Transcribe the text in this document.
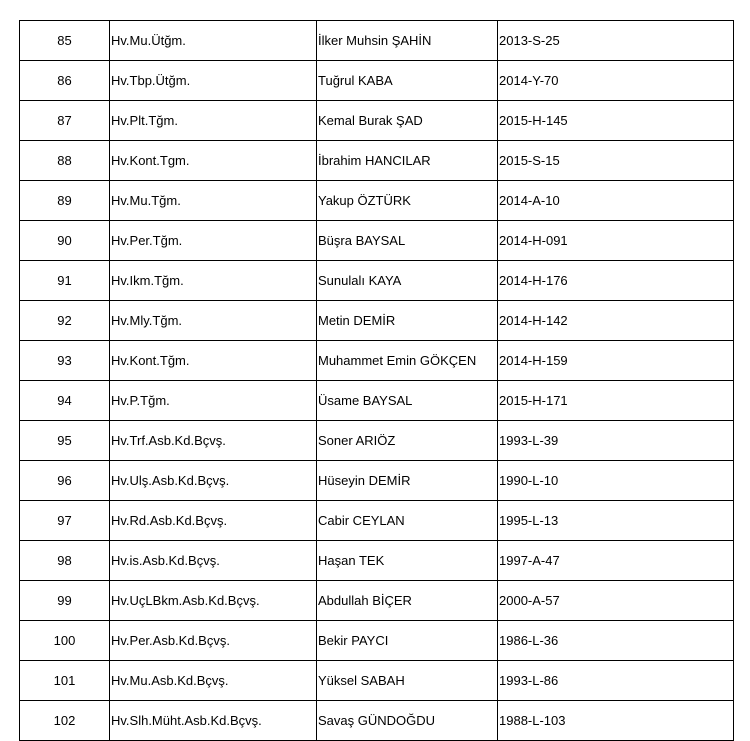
85	Hv.Mu.Ütğm.	İlker Muhsin ŞAHİN	2013-S-25
86	Hv.Tbp.Ütğm.	Tuğrul KABA	2014-Y-70
87	Hv.Plt.Tğm.	Kemal Burak ŞAD	2015-H-145
88	Hv.Kont.Tgm.	İbrahim HANCILAR	2015-S-15
89	Hv.Mu.Tğm.	Yakup ÖZTÜRK	2014-A-10
90	Hv.Per.Tğm.	Büşra BAYSAL	2014-H-091
91	Hv.Ikm.Tğm.	Sunulalı KAYA	2014-H-176
92	Hv.Mly.Tğm.	Metin DEMİR	2014-H-142
93	Hv.Kont.Tğm.	Muhammet Emin GÖKÇEN	2014-H-159
94	Hv.P.Tğm.	Üsame BAYSAL	2015-H-171
95	Hv.Trf.Asb.Kd.Bçvş.	Soner ARIÖZ	1993-L-39
96	Hv.Ulş.Asb.Kd.Bçvş.	Hüseyin DEMİR	1990-L-10
97	Hv.Rd.Asb.Kd.Bçvş.	Cabir CEYLAN	1995-L-13
98	Hv.is.Asb.Kd.Bçvş.	Haşan TEK	1997-A-47
99	Hv.UçLBkm.Asb.Kd.Bçvş.	Abdullah BİÇER	2000-A-57
100	Hv.Per.Asb.Kd.Bçvş.	Bekir PAYCI	1986-L-36
101	Hv.Mu.Asb.Kd.Bçvş.	Yüksel SABAH	1993-L-86
102	Hv.Slh.Müht.Asb.Kd.Bçvş.	Savaş GÜNDOĞDU	1988-L-103
